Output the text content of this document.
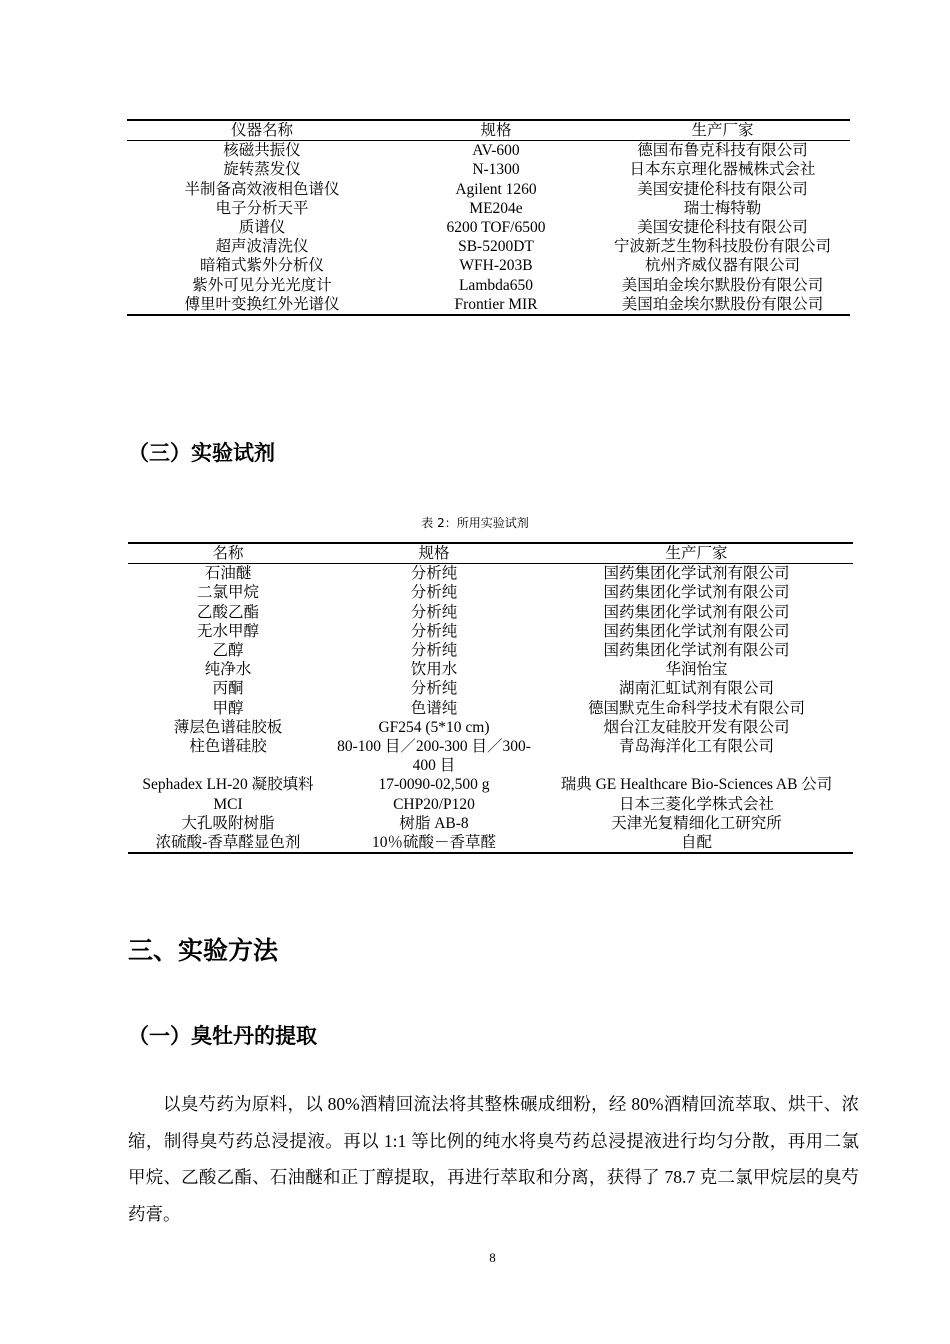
仪器名称	规格	生产厂家
核磁共振仪	AV-600	德国布鲁克科技有限公司
旋转蒸发仪	N-1300	日本东京理化器械株式会社
半制备高效液相色谱仪	Agilent 1260	美国安捷伦科技有限公司
电子分析天平	ME204e	瑞士梅特勒
质谱仪	6200 TOF/6500	美国安捷伦科技有限公司
超声波清洗仪	SB-5200DT	宁波新芝生物科技股份有限公司
暗箱式紫外分析仪	WFH-203B	杭州齐威仪器有限公司
紫外可见分光光度计	Lambda650	美国珀金埃尔默股份有限公司
傅里叶变换红外光谱仪	Frontier MIR	美国珀金埃尔默股份有限公司
（三）实验试剂
表 2：所用实验试剂
名称	规格	生产厂家
石油醚	分析纯	国药集团化学试剂有限公司
二氯甲烷	分析纯	国药集团化学试剂有限公司
乙酸乙酯	分析纯	国药集团化学试剂有限公司
无水甲醇	分析纯	国药集团化学试剂有限公司
乙醇	分析纯	国药集团化学试剂有限公司
纯净水	饮用水	华润怡宝
丙酮	分析纯	湖南汇虹试剂有限公司
甲醇	色谱纯	德国默克生命科学技术有限公司
薄层色谱硅胶板	GF254 (5*10 cm)	烟台江友硅胶开发有限公司
柱色谱硅胶	80-100 目／200-300 目／300-400 目	青岛海洋化工有限公司
Sephadex LH-20 凝胶填料	17-0090-02,500 g	瑞典 GE Healthcare Bio-Sciences AB 公司
MCI	CHP20/P120	日本三菱化学株式会社
大孔吸附树脂	树脂 AB-8	天津光复精细化工研究所
浓硫酸-香草醛显色剂	10％硫酸－香草醛	自配
三、实验方法
（一）臭牡丹的提取

以臭芍药为原料，以 80%酒精回流法将其整株碾成细粉，经 80%酒精回流萃取、烘干、浓缩，制得臭芍药总浸提液。再以 1:1 等比例的纯水将臭芍药总浸提液进行均匀分散，再用二氯甲烷、乙酸乙酯、石油醚和正丁醇提取，再进行萃取和分离，获得了 78.7 克二氯甲烷层的臭芍药膏。

8
